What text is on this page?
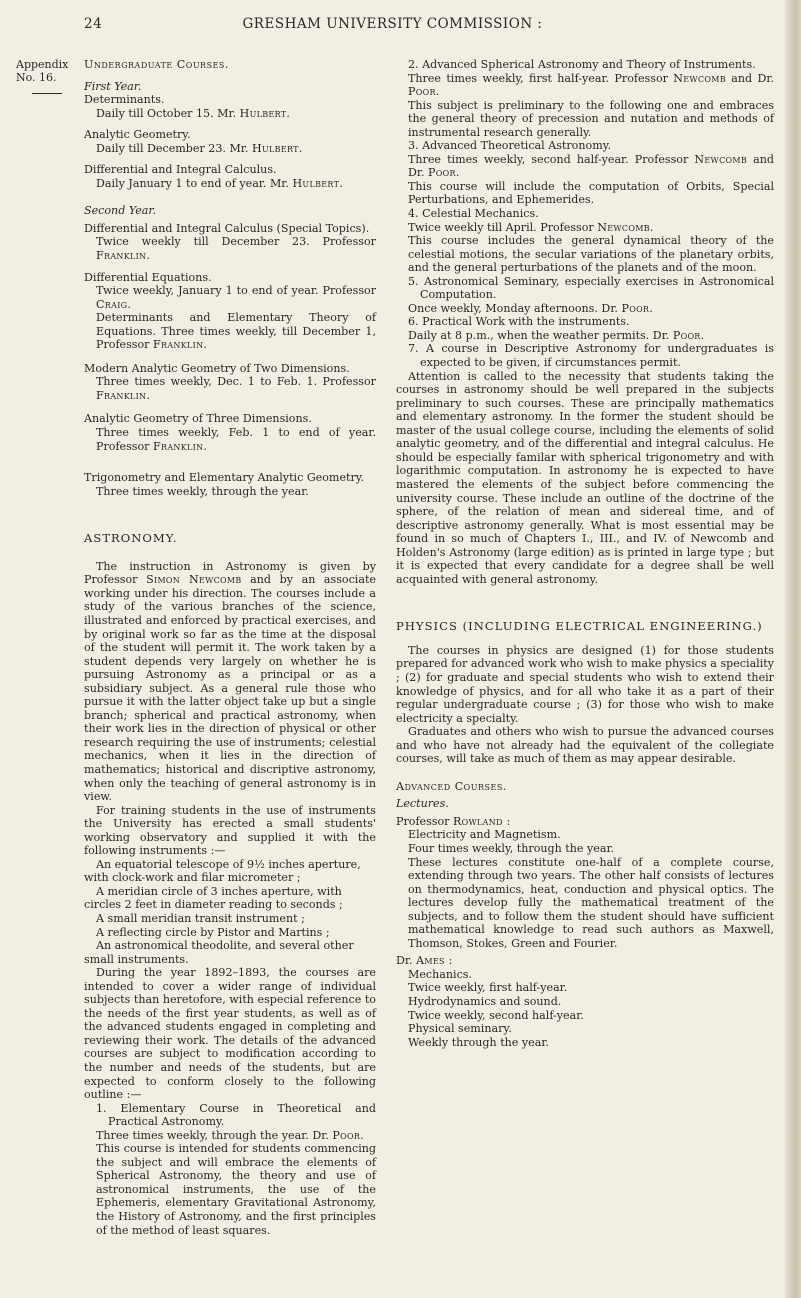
24	GRESHAM UNIVERSITY COMMISSION :
Appendix
No. 16.

Undergraduate Courses.

First Year.

Determinants.

Daily till October 15. Mr. Hulbert.

Analytic Geometry.

Daily till December 23. Mr. Hulbert.

Differential and Integral Calculus.

Daily January 1 to end of year. Mr. Hulbert.

Second Year.

Differential and Integral Calculus (Special Topics).

Twice weekly till December 23. Professor Franklin.

Differential Equations.

Twice weekly, January 1 to end of year. Professor Craig.

Determinants and Elementary Theory of Equations. Three times weekly, till December 1, Professor Franklin.

Modern Analytic Geometry of Two Dimensions.

Three times weekly, Dec. 1 to Feb. 1. Professor Franklin.

Analytic Geometry of Three Dimensions.

Three times weekly, Feb. 1 to end of year. Professor Franklin.

Trigonometry and Elementary Analytic Geometry.

Three times weekly, through the year.

ASTRONOMY.

The instruction in Astronomy is given by Professor Simon Newcomb and by an associate working under his direction. The courses include a study of the various branches of the science, illustrated and enforced by practical exercises, and by original work so far as the time at the disposal of the student will permit it. The work taken by a student depends very largely on whether he is pursuing Astronomy as a principal or as a subsidiary subject. As a general rule those who pursue it with the latter object take up but a single branch; spherical and practical astronomy, when their work lies in the direction of physical or other research requiring the use of instruments; celestial mechanics, when it lies in the direction of mathematics; historical and discriptive astronomy, when only the teaching of general astronomy is in view.

For training students in the use of instruments the University has erected a small students' working observatory and supplied it with the following instruments :—

An equatorial telescope of 9½ inches aperture, with clock-work and filar micrometer ;
A meridian circle of 3 inches aperture, with circles 2 feet in diameter reading to seconds ;
A small meridian transit instrument ;
A reflecting circle by Pistor and Martins ;
An astronomical theodolite, and several other small instruments.

During the year 1892–1893, the courses are intended to cover a wider range of individual subjects than heretofore, with especial reference to the needs of the first year students, as well as of the advanced students engaged in completing and reviewing their work. The details of the advanced courses are subject to modification according to the number and needs of the students, but are expected to conform closely to the following outline :—

1. Elementary Course in Theoretical and Practical Astronomy.

Three times weekly, through the year. Dr. Poor.

This course is intended for students commencing the subject and will embrace the elements of Spherical Astronomy, the theory and use of astronomical instruments, the use of the Ephemeris, elementary Gravitational Astronomy, the History of Astronomy, and the first principles of the method of least squares.

2. Advanced Spherical Astronomy and Theory of Instruments.

Three times weekly, first half-year. Professor Newcomb and Dr. Poor.

This subject is preliminary to the following one and embraces the general theory of precession and nutation and methods of instrumental research generally.

3. Advanced Theoretical Astronomy.

Three times weekly, second half-year. Professor Newcomb and Dr. Poor.

This course will include the computation of Orbits, Special Perturbations, and Ephemerides.

4. Celestial Mechanics.

Twice weekly till April. Professor Newcomb.

This course includes the general dynamical theory of the celestial motions, the secular variations of the planetary orbits, and the general perturbations of the planets and of the moon.

5. Astronomical Seminary, especially exercises in Astronomical Computation.

Once weekly, Monday afternoons. Dr. Poor.

6. Practical Work with the instruments.

Daily at 8 p.m., when the weather permits. Dr. Poor.

7. A course in Descriptive Astronomy for undergraduates is expected to be given, if circumstances permit.

Attention is called to the necessity that students taking the courses in astronomy should be well prepared in the subjects preliminary to such courses. These are principally mathematics and elementary astronomy. In the former the student should be master of the usual college course, including the elements of solid analytic geometry, and of the differential and integral calculus. He should be especially familar with spherical trigonometry and with logarithmic computation. In astronomy he is expected to have mastered the elements of the subject before commencing the university course. These include an outline of the doctrine of the sphere, of the relation of mean and sidereal time, and of descriptive astronomy generally. What is most essential may be found in so much of Chapters I., III., and IV. of Newcomb and Holden's Astronomy (large edition) as is printed in large type ; but it is expected that every candidate for a degree shall be well acquainted with general astronomy.

PHYSICS (INCLUDING ELECTRICAL ENGINEERING.)

The courses in physics are designed (1) for those students prepared for advanced work who wish to make physics a speciality ; (2) for graduate and special students who wish to extend their knowledge of physics, and for all who take it as a part of their regular undergraduate course ; (3) for those who wish to make electricity a specialty.

Graduates and others who wish to pursue the advanced courses and who have not already had the equivalent of the collegiate courses, will take as much of them as may appear desirable.

Advanced Courses.

Lectures.

Professor Rowland :

Electricity and Magnetism.

Four times weekly, through the year.

These lectures constitute one-half of a complete course, extending through two years. The other half consists of lectures on thermodynamics, heat, conduction and physical optics. The lectures develop fully the mathematical treatment of the subjects, and to follow them the student should have sufficient mathematical knowledge to read such authors as Maxwell, Thomson, Stokes, Green and Fourier.

Dr. Ames :

Mechanics.

Twice weekly, first half-year.

Hydrodynamics and sound.

Twice weekly, second half-year.

Physical seminary.

Weekly through the year.
